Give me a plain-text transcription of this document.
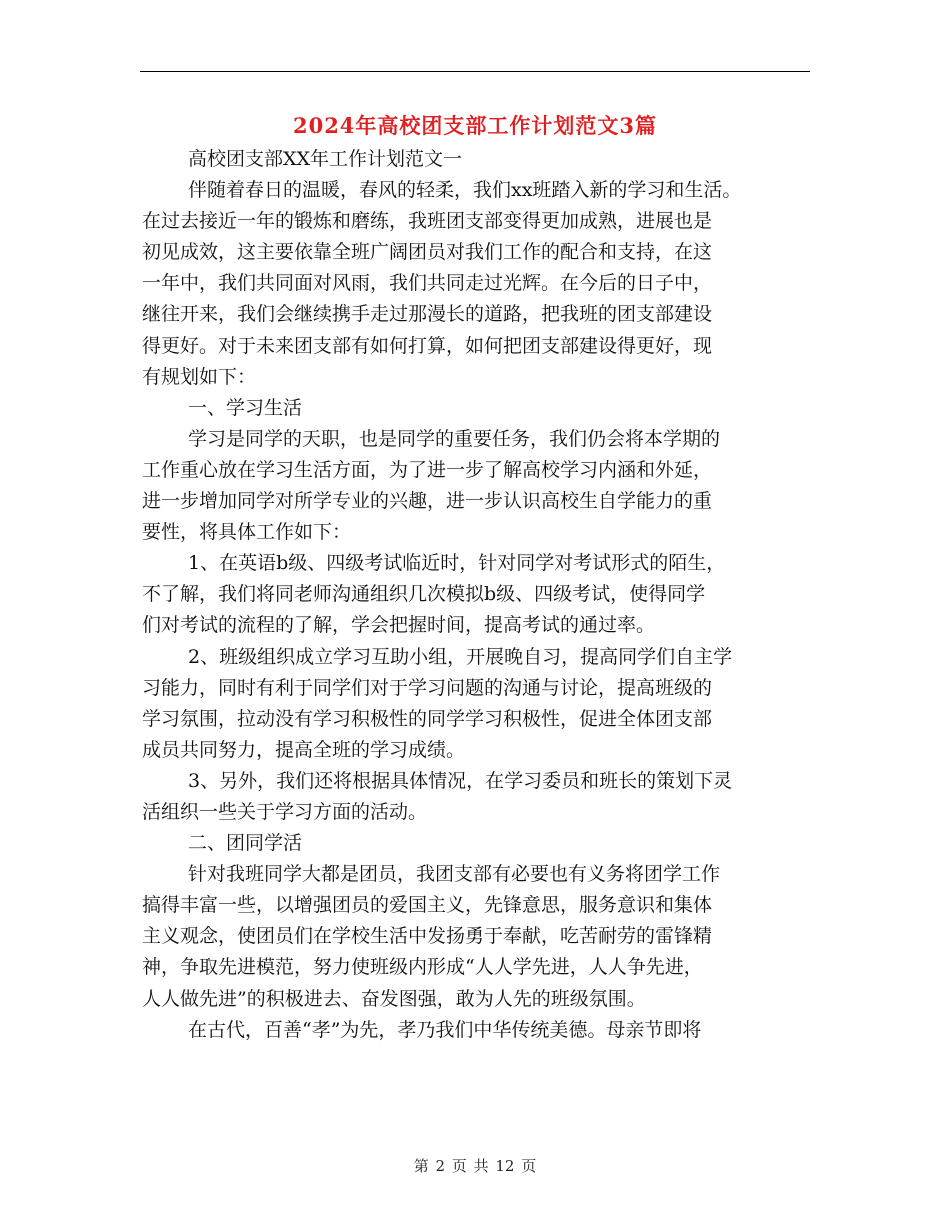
2024年高校团支部工作计划范文3篇
高校团支部XX年工作计划范文一
伴随着春日的温暖，春风的轻柔，我们xx班踏入新的学习和生活。
在过去接近一年的锻炼和磨练，我班团支部变得更加成熟，进展也是
初见成效，这主要依靠全班广阔团员对我们工作的配合和支持，在这
一年中，我们共同面对风雨，我们共同走过光辉。在今后的日子中，
继往开来，我们会继续携手走过那漫长的道路，把我班的团支部建设
得更好。对于未来团支部有如何打算，如何把团支部建设得更好，现
有规划如下：
一、学习生活
学习是同学的天职，也是同学的重要任务，我们仍会将本学期的
工作重心放在学习生活方面，为了进一步了解高校学习内涵和外延，
进一步增加同学对所学专业的兴趣，进一步认识高校生自学能力的重
要性，将具体工作如下：
1、在英语b级、四级考试临近时，针对同学对考试形式的陌生，
不了解，我们将同老师沟通组织几次模拟b级、四级考试，使得同学
们对考试的流程的了解，学会把握时间，提高考试的通过率。
2、班级组织成立学习互助小组，开展晚自习，提高同学们自主学
习能力，同时有利于同学们对于学习问题的沟通与讨论，提高班级的
学习氛围，拉动没有学习积极性的同学学习积极性，促进全体团支部
成员共同努力，提高全班的学习成绩。
3、另外，我们还将根据具体情况，在学习委员和班长的策划下灵
活组织一些关于学习方面的活动。
二、团同学活
针对我班同学大都是团员，我团支部有必要也有义务将团学工作
搞得丰富一些，以增强团员的爱国主义，先锋意思，服务意识和集体
主义观念，使团员们在学校生活中发扬勇于奉献，吃苦耐劳的雷锋精
神，争取先进模范，努力使班级内形成“人人学先进，人人争先进，
人人做先进”的积极进去、奋发图强，敢为人先的班级氛围。
在古代，百善“孝”为先，孝乃我们中华传统美德。母亲节即将
第 2 页 共 12 页
